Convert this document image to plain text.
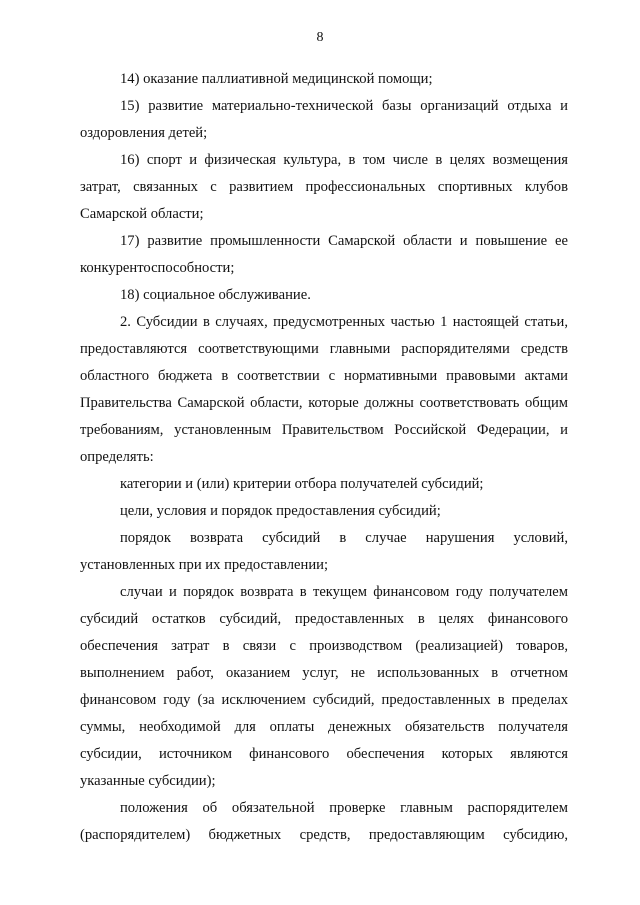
8

14) оказание паллиативной медицинской помощи;

15) развитие материально-технической базы организаций отдыха и оздоровления детей;

16) спорт и физическая культура, в том числе в целях возмещения затрат, связанных с развитием профессиональных спортивных клубов Самарской области;

17) развитие промышленности Самарской области и повышение ее конкурентоспособности;

18) социальное обслуживание.

2. Субсидии в случаях, предусмотренных частью 1 настоящей статьи, предоставляются соответствующими главными распорядителями средств областного бюджета в соответствии с нормативными правовыми актами Правительства Самарской области, которые должны соответствовать общим требованиям, установленным Правительством Российской Федерации, и определять:

категории и (или) критерии отбора получателей субсидий;

цели, условия и порядок предоставления субсидий;

порядок возврата субсидий в случае нарушения условий, установленных при их предоставлении;

случаи и порядок возврата в текущем финансовом году получателем субсидий остатков субсидий, предоставленных в целях финансового обеспечения затрат в связи с производством (реализацией) товаров, выполнением работ, оказанием услуг, не использованных в отчетном финансовом году (за исключением субсидий, предоставленных в пределах суммы, необходимой для оплаты денежных обязательств получателя субсидии, источником финансового обеспечения которых являются указанные субсидии);

положения об обязательной проверке главным распорядителем (распорядителем) бюджетных средств, предоставляющим субсидию,
